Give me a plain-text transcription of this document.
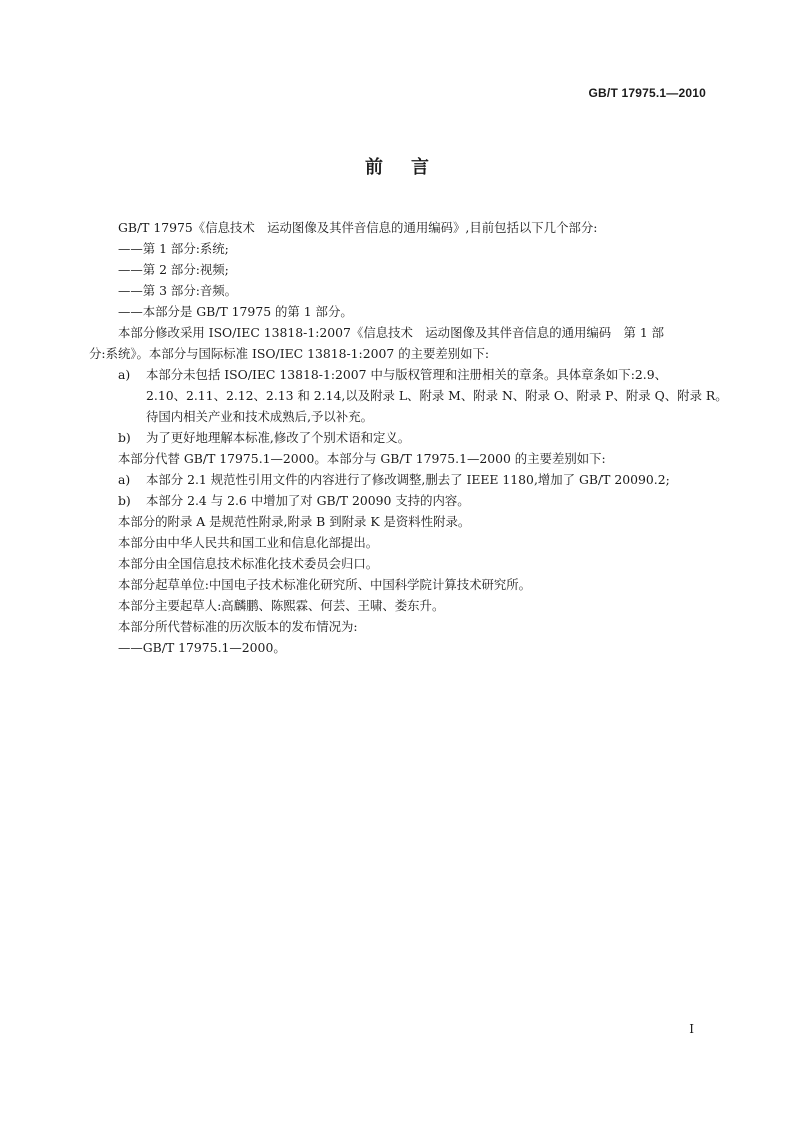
GB/T 17975.1—2010
前言
GB/T 17975《信息技术　运动图像及其伴音信息的通用编码》,目前包括以下几个部分:
——第 1 部分:系统;
——第 2 部分:视频;
——第 3 部分:音频。
——本部分是 GB/T 17975 的第 1 部分。
本部分修改采用 ISO/IEC 13818-1:2007《信息技术　运动图像及其伴音信息的通用编码　第 1 部
分:系统》。本部分与国际标准 ISO/IEC 13818-1:2007 的主要差别如下:
a)	本部分未包括 ISO/IEC 13818-1:2007 中与版权管理和注册相关的章条。具体章条如下:2.9、
2.10、2.11、2.12、2.13 和 2.14,以及附录 L、附录 M、附录 N、附录 O、附录 P、附录 Q、附录 R。
待国内相关产业和技术成熟后,予以补充。
b)	为了更好地理解本标准,修改了个别术语和定义。
本部分代替 GB/T 17975.1—2000。本部分与 GB/T 17975.1—2000 的主要差别如下:
a)	本部分 2.1 规范性引用文件的内容进行了修改调整,删去了 IEEE 1180,增加了 GB/T 20090.2;
b)	本部分 2.4 与 2.6 中增加了对 GB/T 20090 支持的内容。
本部分的附录 A 是规范性附录,附录 B 到附录 K 是资料性附录。
本部分由中华人民共和国工业和信息化部提出。
本部分由全国信息技术标准化技术委员会归口。
本部分起草单位:中国电子技术标准化研究所、中国科学院计算技术研究所。
本部分主要起草人:高麟鹏、陈熙霖、何芸、王啸、娄东升。
本部分所代替标准的历次版本的发布情况为:
——GB/T 17975.1—2000。
I
